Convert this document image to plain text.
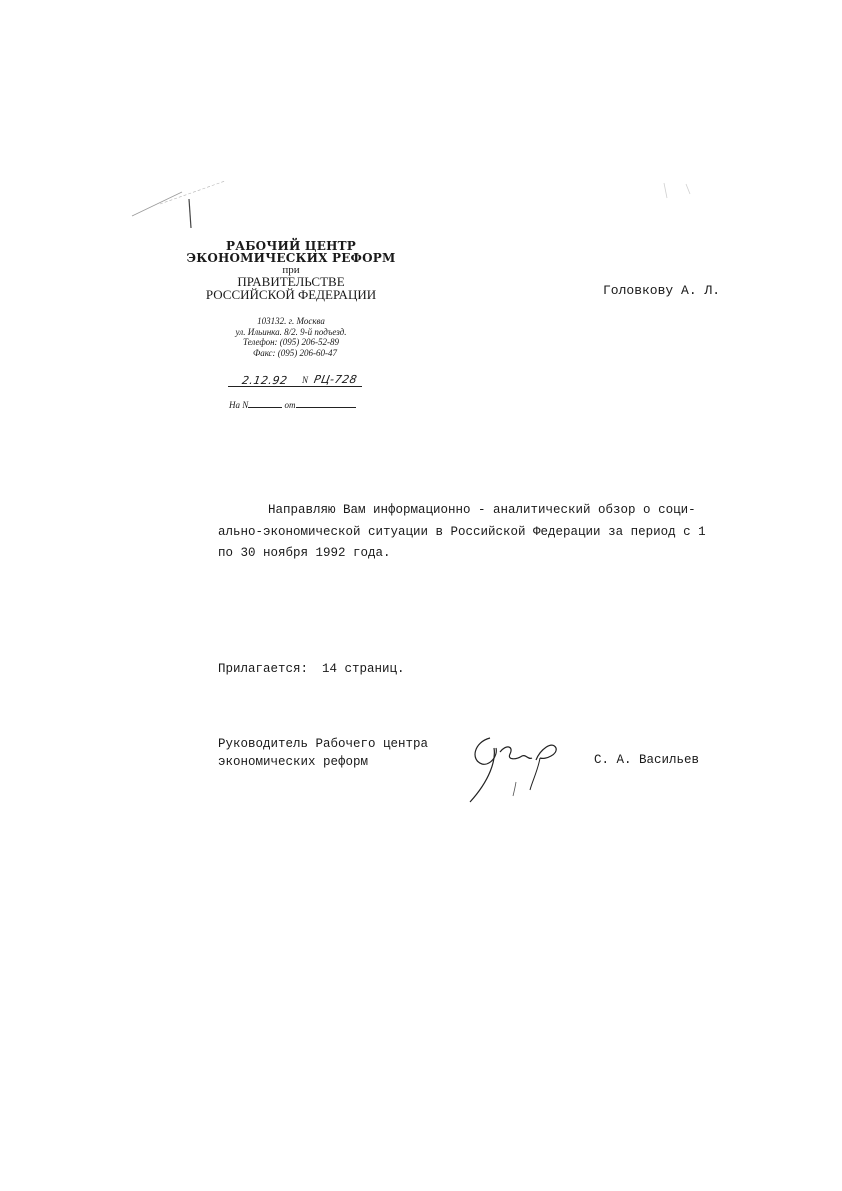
РАБОЧИЙ ЦЕНТР
ЭКОНОМИЧЕСКИХ РЕФОРМ
при
ПРАВИТЕЛЬСТВЕ
РОССИЙСКОЙ ФЕДЕРАЦИИ
103132. г. Москва
ул. Ильинка. 8/2. 9-й подъезд.
Телефон: (095) 206-52-89
Факс: (095) 206-60-47
2.12.92 N РЦ-728
На N	от
Головкову А. Л.
Направляю Вам информационно - аналитический обзор о соци-
ально-экономической ситуации в Российской Федерации за период с 1
по 30 ноября 1992 года.
Прилагается: 14 страниц.
Руководитель Рабочего центра
экономических реформ	С. А. Васильев
